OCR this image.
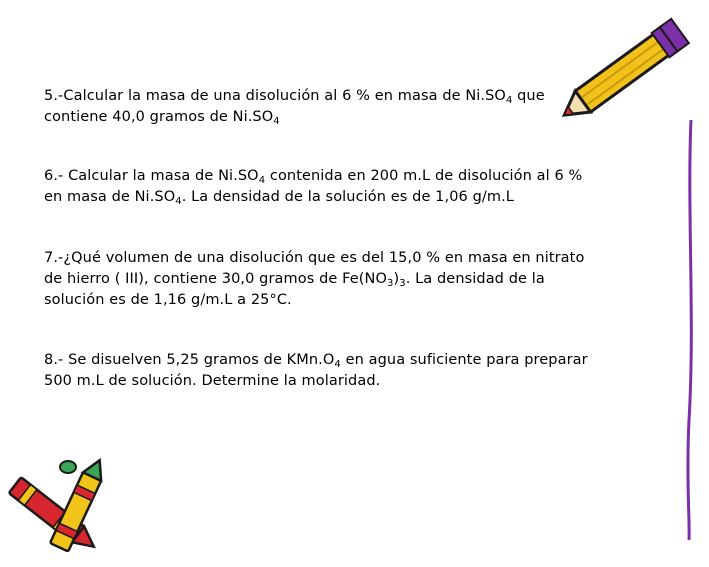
5.-Calcular la masa de una disolución al 6 % en masa de $Ni.SO_4$ que
contiene 40,0 gramos de $Ni.SO_4$
6.- Calcular la masa de $Ni.SO_4$ contenida en 200 m.L de disolución al 6 %
en masa de $Ni.SO_4$. La densidad de la solución es de 1,06 g/m.L
7.-¿Qué volumen de una disolución que es del 15,0 % en masa en nitrato
de hierro ( III), contiene 30,0 gramos de $Fe(NO_3)_3$. La densidad de la
solución es de 1,16 g/m.L a 25°C.
8.- Se disuelven 5,25 gramos de $KMn.O_4$ en agua suficiente para preparar
500 m.L de solución. Determine la molaridad.
